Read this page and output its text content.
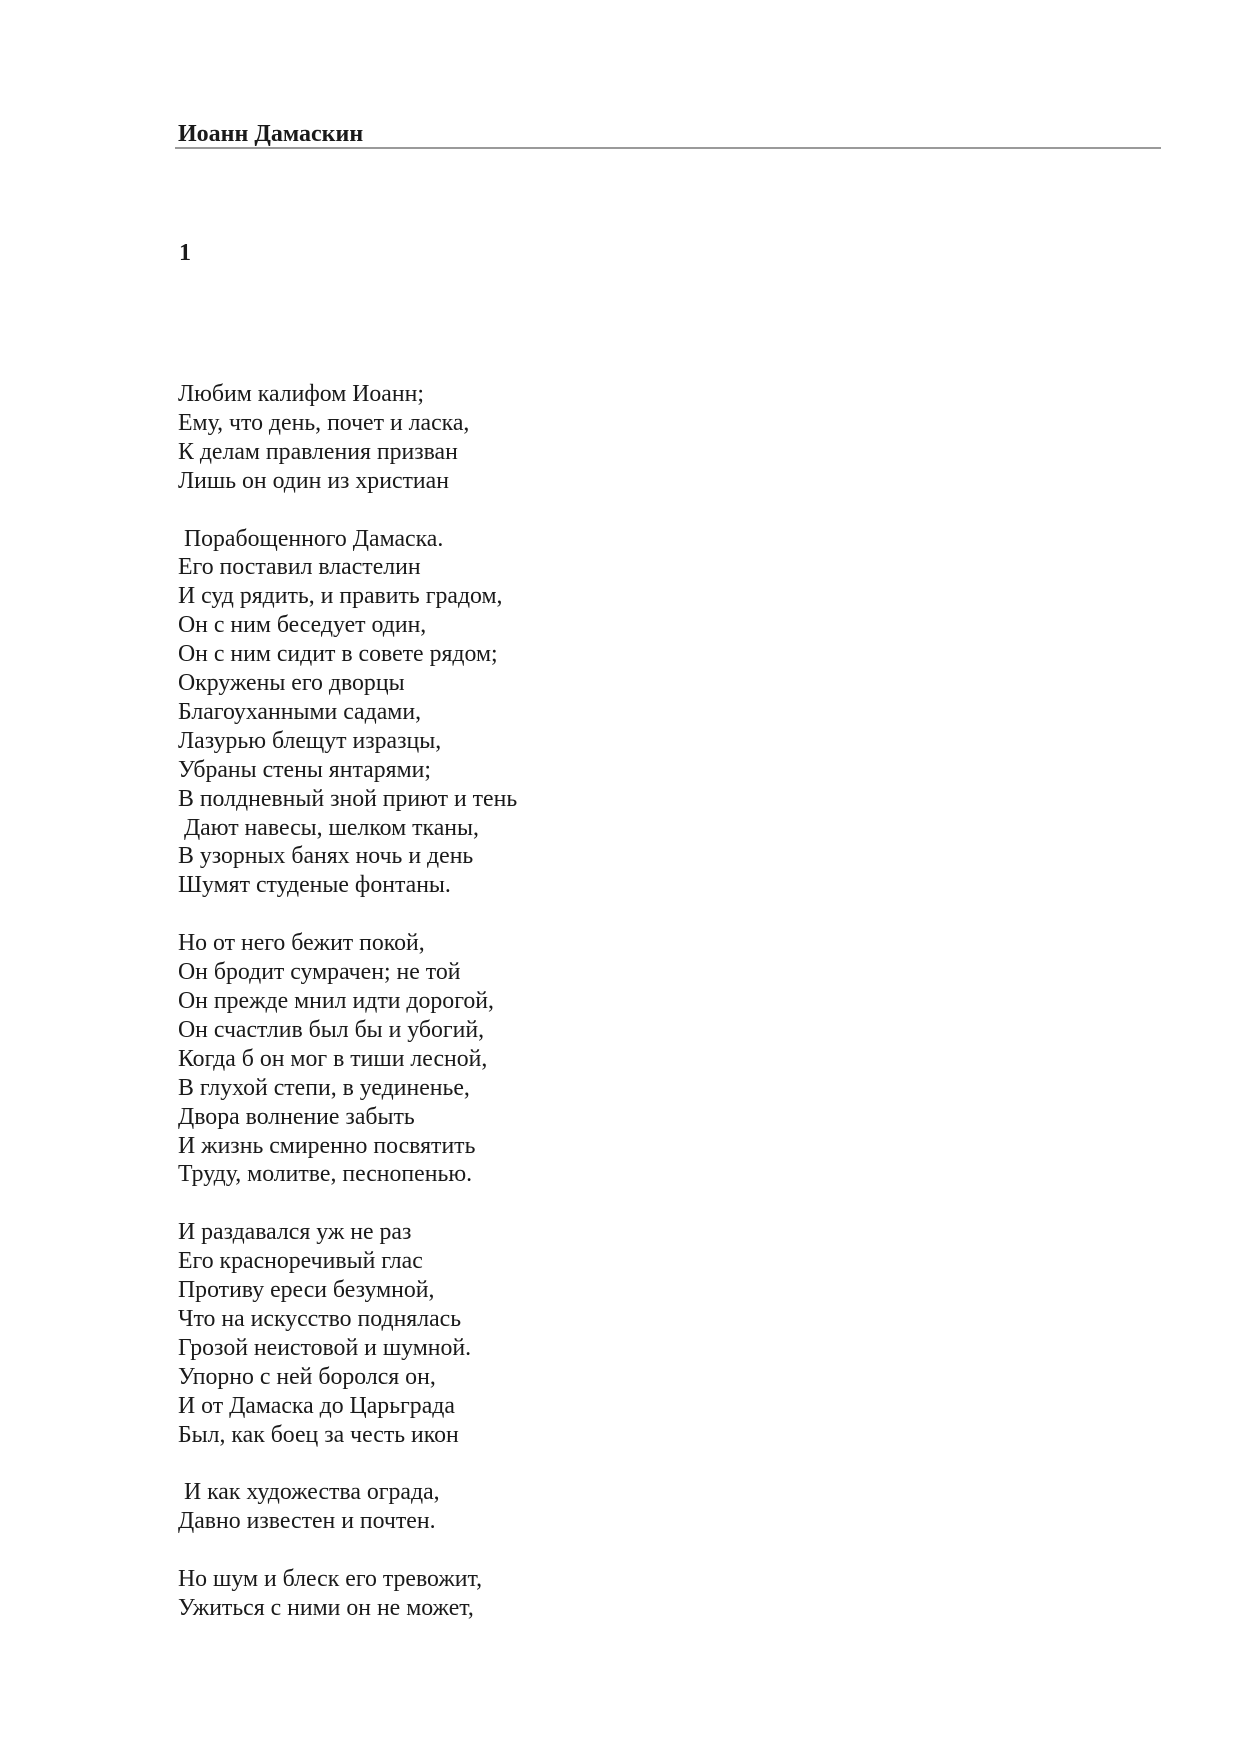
Иоанн Дамаскин
1
Любим калифом Иоанн;
Ему, что день, почет и ласка,
К делам правления призван
Лишь он один из христиан
Порабощенного Дамаска.
Его поставил властелин
И суд рядить, и править градом,
Он с ним беседует один,
Он с ним сидит в совете рядом;
Окружены его дворцы
Благоуханными садами,
Лазурью блещут изразцы,
Убраны стены янтарями;
В полдневный зной приют и тень
Дают навесы, шелком тканы,
В узорных банях ночь и день
Шумят студеные фонтаны.
Но от него бежит покой,
Он бродит сумрачен; не той
Он прежде мнил идти дорогой,
Он счастлив был бы и убогий,
Когда б он мог в тиши лесной,
В глухой степи, в уединенье,
Двора волнение забыть
И жизнь смиренно посвятить
Труду, молитве, песнопенью.
И раздавался уж не раз
Его красноречивый глас
Противу ереси безумной,
Что на искусство поднялась
Грозой неистовой и шумной.
Упорно с ней боролся он,
И от Дамаска до Царьграда
Был, как боец за честь икон
И как художества ограда,
Давно известен и почтен.
Но шум и блеск его тревожит,
Ужиться с ними он не может,
